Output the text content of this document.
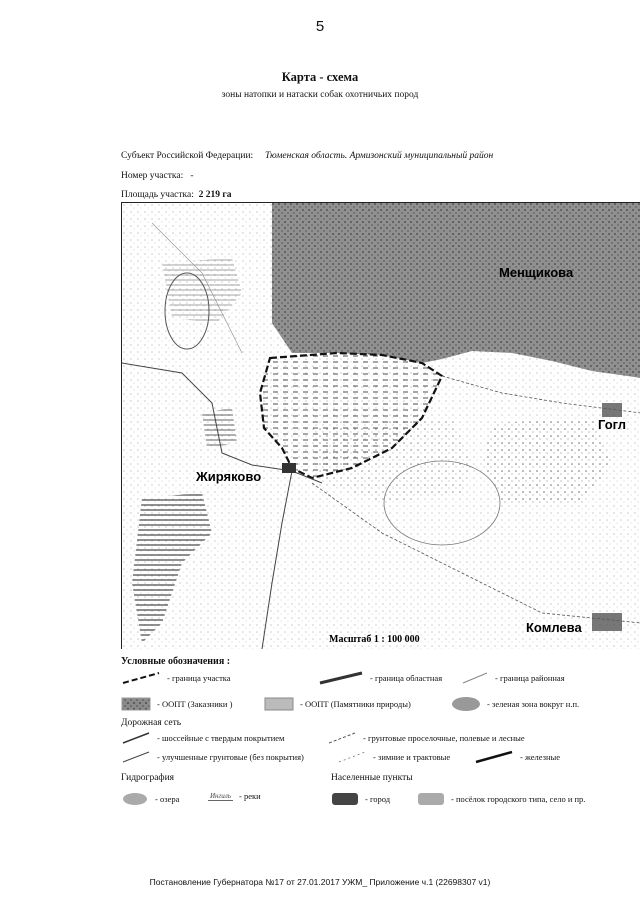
5
Карта - схема
зоны натопки и натаски собак охотничьих пород
Субъект Российской Федерации: Тюменская область. Армизонский муниципальный район
Номер участка: -
Площадь участка: 2 219 га
Менщикова
Жиряково
Гогл
Комлева
Масштаб 1 : 100 000
Условные обозначения :
- граница участка	- граница областная	- граница районная
- ООПТ (Заказники )	- ООПТ (Памятники природы)	- зеленая зона вокруг н.п.
Дорожная сеть
- шоссейные с твердым покрытием	- грунтовые проселочные, полевые и лесные
- улучшенные грунтовые (без покрытия)	- зимние и трактовые	- железные
Гидрография	Населенные пункты
- озера	Ингиль - реки	- город	- посёлок городского типа, село и пр.
Постановление Губернатора №17 от 27.01.2017 УЖМ_ Приложение ч.1 (22698307 v1)
